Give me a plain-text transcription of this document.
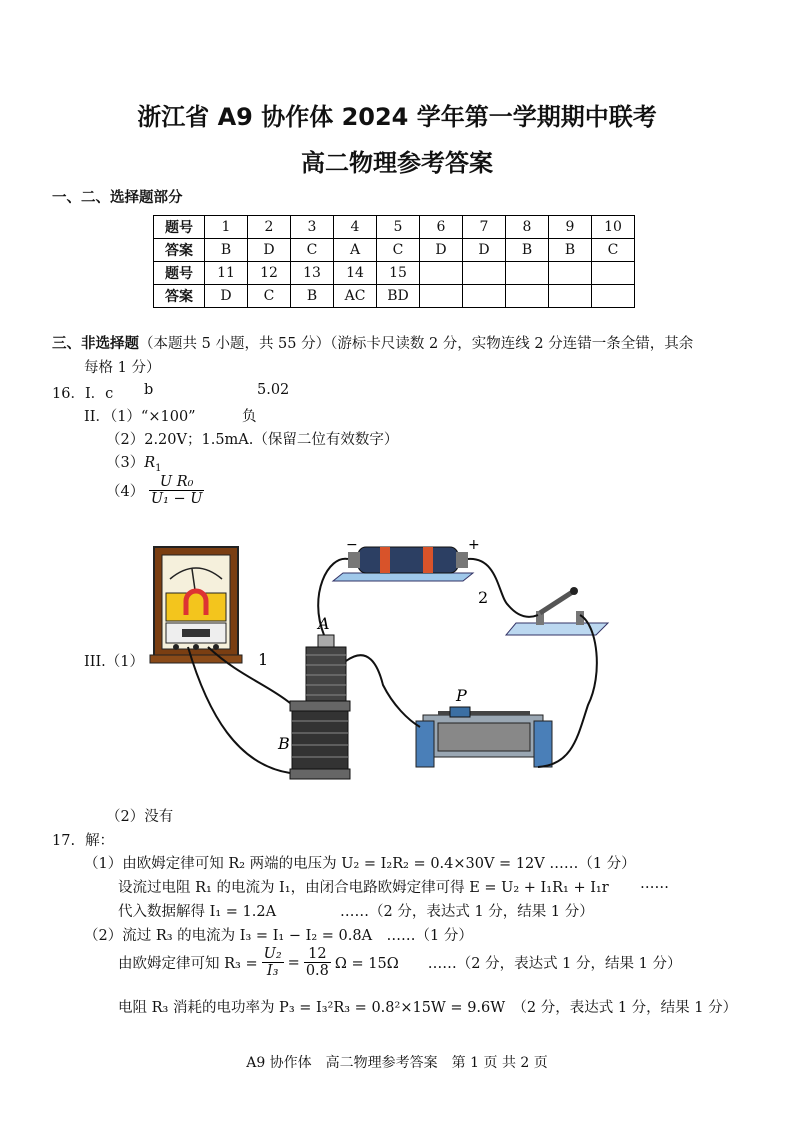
浙江省 A9 协作体 2024 学年第一学期期中联考
高二物理参考答案
一、二、选择题部分
题号	1	2	3	4	5	6	7	8	9	10
答案	B	D	C	A	C	D	D	B	B	C
题号	11	12	13	14	15					
答案	D	C	B	AC	BD					
三、非选择题（本题共 5 小题，共 55 分）（游标卡尺读数 2 分，实物连线 2 分连错一条全错，其余
每格 1 分）
16．I．c b	5.02
II．（1）“×100”	负
（2）2.20V；1.5mA.（保留二位有效数字）
$(3)R_1$
$(4) \frac{\text{U R₀}}{\text{U₁ − U}}$
III.（1）
−	+
1
2
A
B
P
（2）没有
17. 解：
（1）由欧姆定律可知 R₂ 两端的电压为 U₂ = I₂R₂ = 0.4×30V = 12V ……（1 分）
设流过电阻 R₁ 的电流为 I₁，由闭合电路欧姆定律可得 E = U₂ + I₁R₁ + I₁r ……
代入数据解得 I₁ = 1.2A	……（2 分，表达式 1 分，结果 1 分）
（2）流过 R₃ 的电流为 I₃ = I₁ − I₂ = 0.8A　……（1 分）
由欧姆定律可知 $R_3 = \frac{\text{U₂}}{\text{I₃}} = \frac{12}{0.8}$ Ω = 15Ω　　……（2 分，表达式 1 分，结果 1 分）
电阻 R₃ 消耗的电功率为 P₃ = I₃²R₃ = 0.8²×15W = 9.6W　（2 分，表达式 1 分，结果 1 分）
A9 协作体　高二物理参考答案　第 1 页 共 2 页
